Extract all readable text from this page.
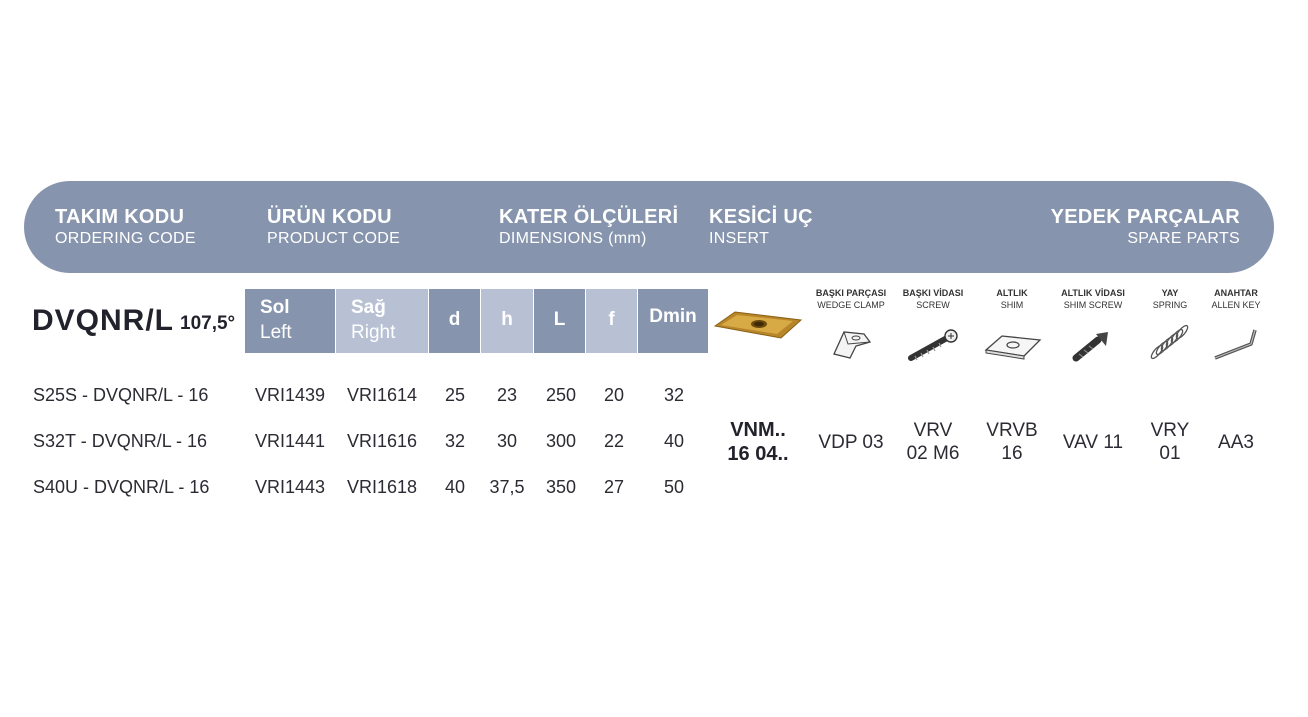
TAKIM KODU
ORDERING CODE
ÜRÜN KODU
PRODUCT CODE
KATER ÖLÇÜLERİ
DIMENSIONS (mm)
KESİCİ UÇ
INSERT
YEDEK PARÇALAR
SPARE PARTS
DVQNR/L 107,5°
Sol
Left
Sağ
Right
d	h	L	f	Dmin
S25S - DVQNR/L - 16	VRI1439 VRI1614 25 23 250 20 32
S32T - DVQNR/L - 16	VRI1441 VRI1616 32 30 300 22 40
S40U - DVQNR/L - 16	VRI1443 VRI1618 40 37,5 350 27 50
VNM..
16 04..
BAŞKI PARÇASI
WEDGE CLAMP
VDP 03
BAŞKI VİDASI
SCREW
VRV
02 M6
ALTLIK
SHIM
VRVB
16
ALTLIK VİDASI
SHIM SCREW
VAV 11
YAY
SPRING
VRY
01
ANAHTAR
ALLEN KEY
AA3
